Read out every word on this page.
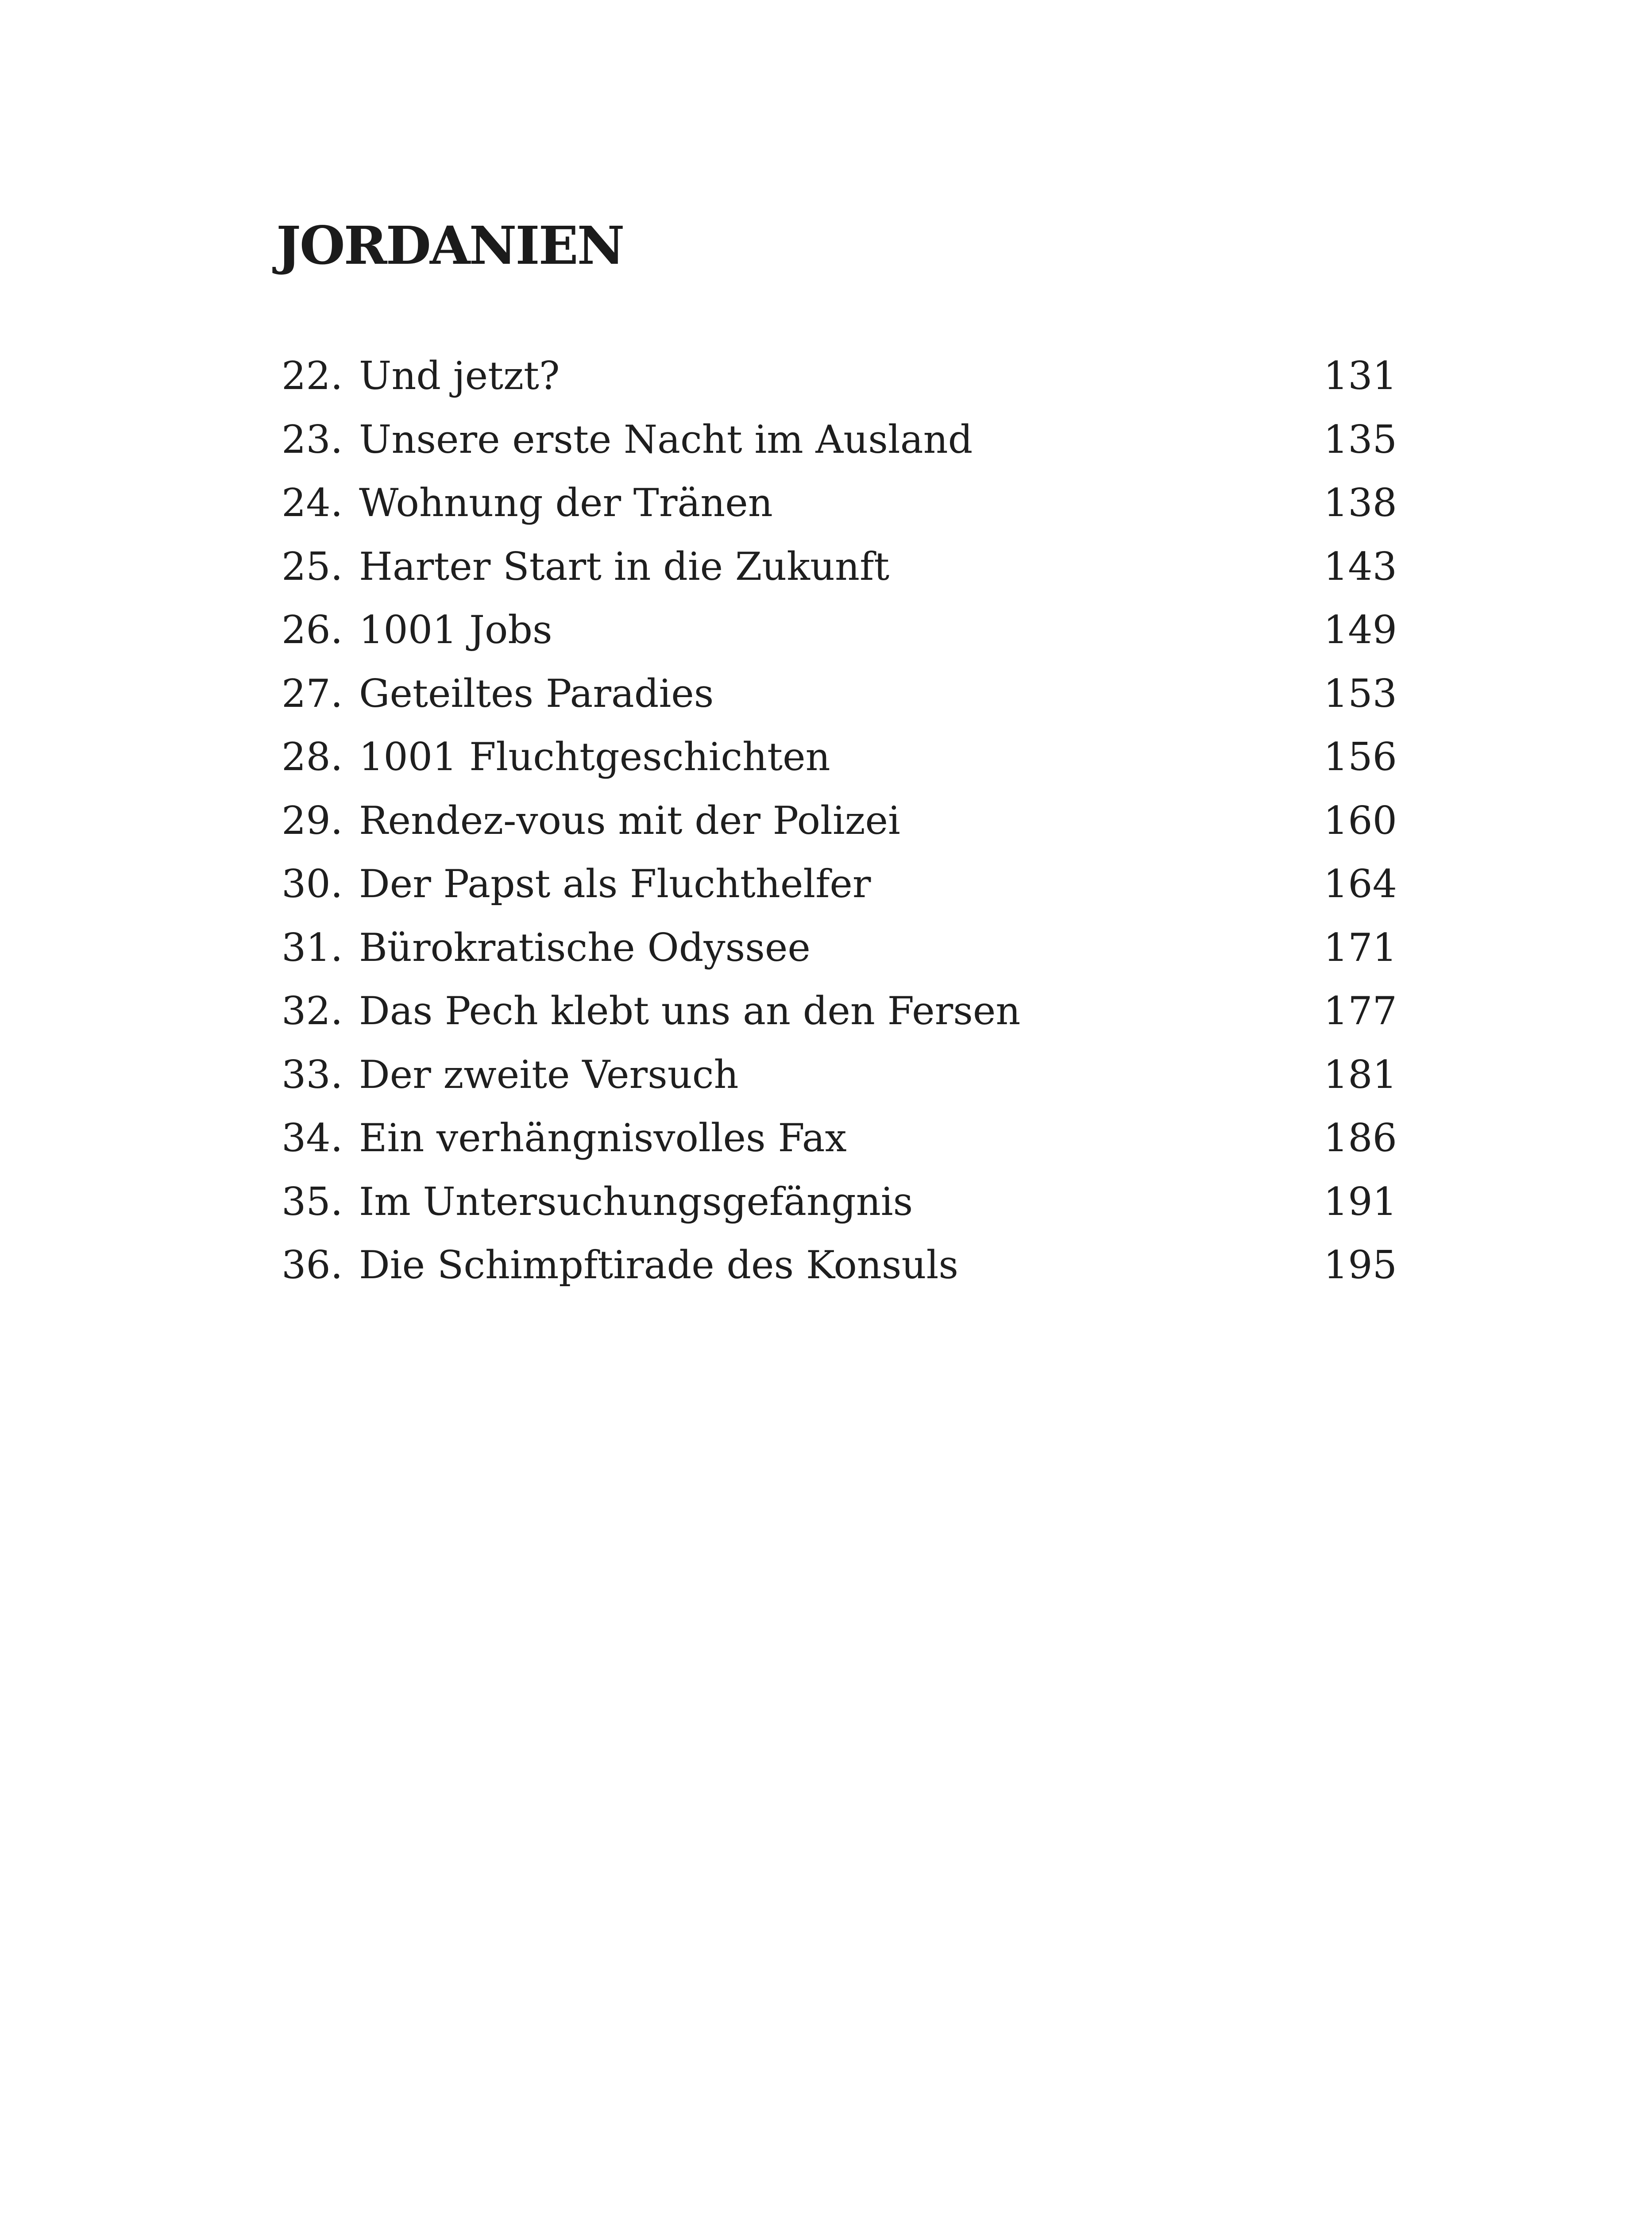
JORDANIEN
22. Und jetzt?	131
23. Unsere erste Nacht im Ausland	135
24. Wohnung der Tränen	138
25. Harter Start in die Zukunft	143
26. 1001 Jobs	149
27. Geteiltes Paradies	153
28. 1001 Fluchtgeschichten	156
29. Rendez-vous mit der Polizei	160
30. Der Papst als Fluchthelfer	164
31. Bürokratische Odyssee	171
32. Das Pech klebt uns an den Fersen	177
33. Der zweite Versuch	181
34. Ein verhängnisvolles Fax	186
35. Im Untersuchungsgefängnis	191
36. Die Schimpftirade des Konsuls	195
